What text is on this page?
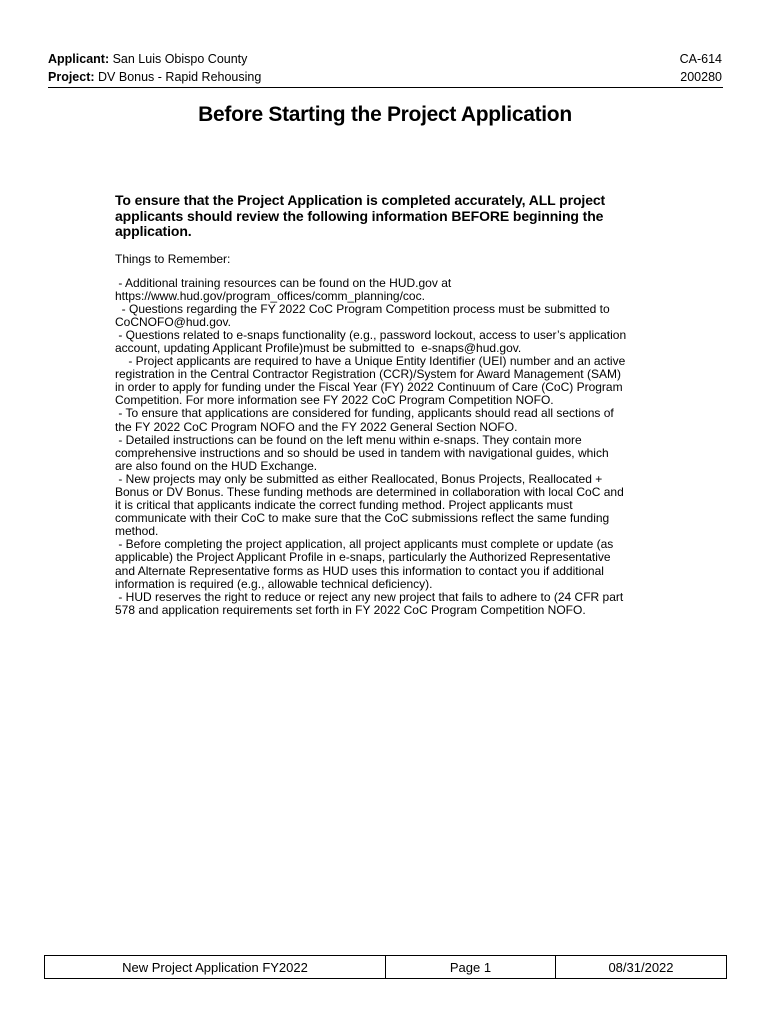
Applicant: San Luis Obispo County
Project: DV Bonus - Rapid Rehousing
CA-614
200280
Before Starting the Project Application

To ensure that the Project Application is completed accurately, ALL project applicants should review the following information BEFORE beginning the application.

Things to Remember:

- Additional training resources can be found on the HUD.gov at
https://www.hud.gov/program_offices/comm_planning/coc.
- Questions regarding the FY 2022 CoC Program Competition process must be submitted to
CoCNOFO@hud.gov.
- Questions related to e-snaps functionality (e.g., password lockout, access to user’s application
account, updating Applicant Profile)must be submitted to  e-snaps@hud.gov.
- Project applicants are required to have a Unique Entity Identifier (UEI) number and an active
registration in the Central Contractor Registration (CCR)/System for Award Management (SAM)
in order to apply for funding under the Fiscal Year (FY) 2022 Continuum of Care (CoC) Program
Competition. For more information see FY 2022 CoC Program Competition NOFO.
- To ensure that applications are considered for funding, applicants should read all sections of
the FY 2022 CoC Program NOFO and the FY 2022 General Section NOFO.
- Detailed instructions can be found on the left menu within e-snaps. They contain more
comprehensive instructions and so should be used in tandem with navigational guides, which
are also found on the HUD Exchange.
- New projects may only be submitted as either Reallocated, Bonus Projects, Reallocated +
Bonus or DV Bonus. These funding methods are determined in collaboration with local CoC and
it is critical that applicants indicate the correct funding method. Project applicants must
communicate with their CoC to make sure that the CoC submissions reflect the same funding
method.
- Before completing the project application, all project applicants must complete or update (as
applicable) the Project Applicant Profile in e-snaps, particularly the Authorized Representative
and Alternate Representative forms as HUD uses this information to contact you if additional
information is required (e.g., allowable technical deficiency).
- HUD reserves the right to reduce or reject any new project that fails to adhere to (24 CFR part
578 and application requirements set forth in FY 2022 CoC Program Competition NOFO.

New Project Application FY2022	Page 1	08/31/2022
